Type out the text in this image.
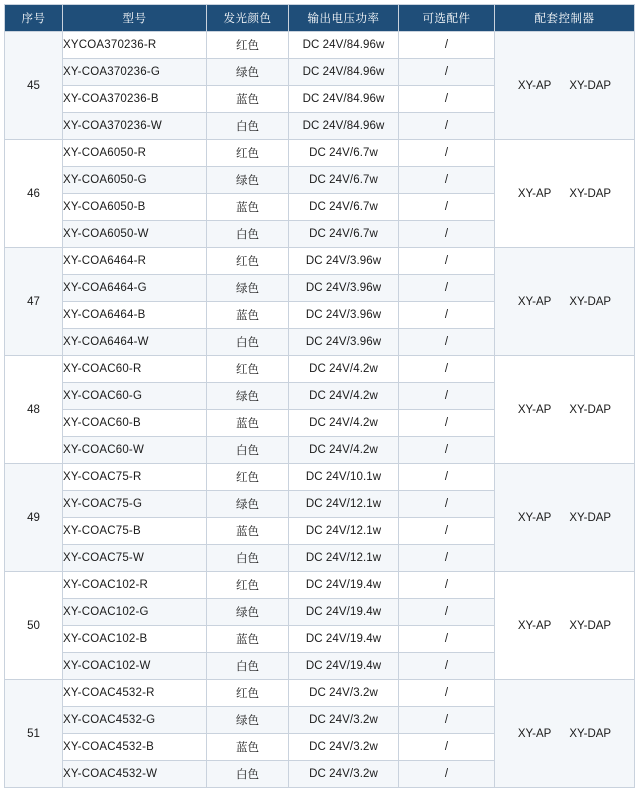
序号	型号	发光颜色	输出电压功率	可选配件	配套控制器
45	XYCOA370236-R	红色	DC 24V/84.96w	/	XY-AP XY-DAP

	XY-COA370236-G	绿色	DC 24V/84.96w	/	
	XY-COA370236-B	蓝色	DC 24V/84.96w	/	
	XY-COA370236-W	白色	DC 24V/84.96w	/	
46	XY-COA6050-R	红色	DC 24V/6.7w	/	XY-AP XY-DAP

	XY-COA6050-G	绿色	DC 24V/6.7w	/	
	XY-COA6050-B	蓝色	DC 24V/6.7w	/	
	XY-COA6050-W	白色	DC 24V/6.7w	/	
47	XY-COA6464-R	红色	DC 24V/3.96w	/	XY-AP XY-DAP

	XY-COA6464-G	绿色	DC 24V/3.96w	/	
	XY-COA6464-B	蓝色	DC 24V/3.96w	/	
	XY-COA6464-W	白色	DC 24V/3.96w	/	
48	XY-COAC60-R	红色	DC 24V/4.2w	/	XY-AP XY-DAP

	XY-COAC60-G	绿色	DC 24V/4.2w	/	
	XY-COAC60-B	蓝色	DC 24V/4.2w	/	
	XY-COAC60-W	白色	DC 24V/4.2w	/	
49	XY-COAC75-R	红色	DC 24V/10.1w	/	XY-AP XY-DAP

	XY-COAC75-G	绿色	DC 24V/12.1w	/	
	XY-COAC75-B	蓝色	DC 24V/12.1w	/	
	XY-COAC75-W	白色	DC 24V/12.1w	/	
50	XY-COAC102-R	红色	DC 24V/19.4w	/	XY-AP XY-DAP

	XY-COAC102-G	绿色	DC 24V/19.4w	/	
	XY-COAC102-B	蓝色	DC 24V/19.4w	/	
	XY-COAC102-W	白色	DC 24V/19.4w	/	
51	XY-COAC4532-R	红色	DC 24V/3.2w	/	XY-AP XY-DAP

	XY-COAC4532-G	绿色	DC 24V/3.2w	/	
	XY-COAC4532-B	蓝色	DC 24V/3.2w	/	
	XY-COAC4532-W	白色	DC 24V/3.2w	/	
